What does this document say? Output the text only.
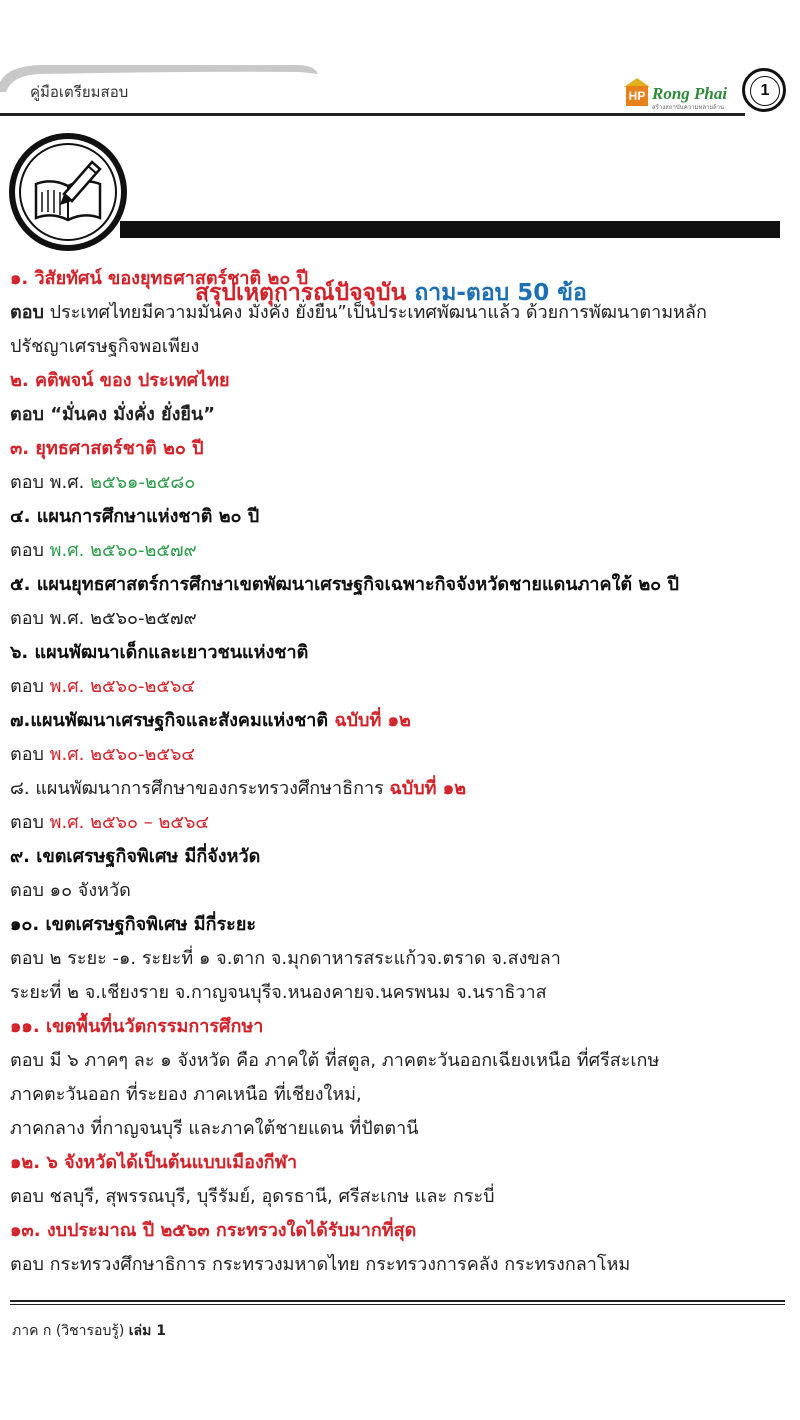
คู่มือเตรียมสอบ	HP Rong Phai
สร้างสถาบันความหลายล้าน
1
สรุปเหตุการณ์ปัจจุบัน ถาม-ตอบ 50 ข้อ
๑. วิสัยทัศน์ ของยุทธศาสตร์ชาติ ๒๐ ปี
ตอบ ประเทศไทยมีความมั่นคง มั่งคั่ง ยั่งยืน”เป็นประเทศพัฒนาแล้ว ด้วยการพัฒนาตามหลัก
ปรัชญาเศรษฐกิจพอเพียง
๒. คติพจน์ ของ ประเทศไทย
ตอบ “มั่นคง มั่งคั่ง ยั่งยืน”
๓. ยุทธศาสตร์ชาติ ๒๐ ปี
ตอบ พ.ศ. ๒๕๖๑-๒๕๘๐
๔. แผนการศึกษาแห่งชาติ ๒๐ ปี
ตอบ พ.ศ. ๒๕๖๐-๒๕๗๙
๕. แผนยุทธศาสตร์การศึกษาเขตพัฒนาเศรษฐกิจเฉพาะกิจจังหวัดชายแดนภาคใต้ ๒๐ ปี
ตอบ พ.ศ. ๒๕๖๐-๒๕๗๙
๖. แผนพัฒนาเด็กและเยาวชนแห่งชาติ
ตอบ พ.ศ. ๒๕๖๐-๒๕๖๔
๗.แผนพัฒนาเศรษฐกิจและสังคมแห่งชาติ ฉบับที่ ๑๒
ตอบ พ.ศ. ๒๕๖๐-๒๕๖๔
๘. แผนพัฒนาการศึกษาของกระทรวงศึกษาธิการ ฉบับที่ ๑๒
ตอบ พ.ศ. ๒๕๖๐ – ๒๕๖๔
๙. เขตเศรษฐกิจพิเศษ มีกี่จังหวัด
ตอบ ๑๐ จังหวัด
๑๐. เขตเศรษฐกิจพิเศษ มีกี่ระยะ
ตอบ ๒ ระยะ -๑. ระยะที่ ๑ จ.ตาก จ.มุกดาหารสระแก้วจ.ตราด จ.สงขลา
ระยะที่ ๒ จ.เชียงราย จ.กาญจนบุรีจ.หนองคายจ.นครพนม จ.นราธิวาส
๑๑. เขตพื้นที่นวัตกรรมการศึกษา
ตอบ มี ๖ ภาคๆ ละ ๑ จังหวัด คือ ภาคใต้ ที่สตูล, ภาคตะวันออกเฉียงเหนือ ที่ศรีสะเกษ
ภาคตะวันออก ที่ระยอง ภาคเหนือ ที่เชียงใหม่,
ภาคกลาง ที่กาญจนบุรี และภาคใต้ชายแดน ที่ปัตตานี
๑๒. ๖ จังหวัดได้เป็นต้นแบบเมืองกีฬา
ตอบ ชลบุรี, สุพรรณบุรี, บุรีรัมย์, อุดรธานี, ศรีสะเกษ และ กระบี่
๑๓. งบประมาณ ปี ๒๕๖๓ กระทรวงใดได้รับมากที่สุด
ตอบ กระทรวงศึกษาธิการ กระทรวงมหาดไทย กระทรวงการคลัง กระทรงกลาโหม
ภาค ก (วิชารอบรู้) เล่ม 1
